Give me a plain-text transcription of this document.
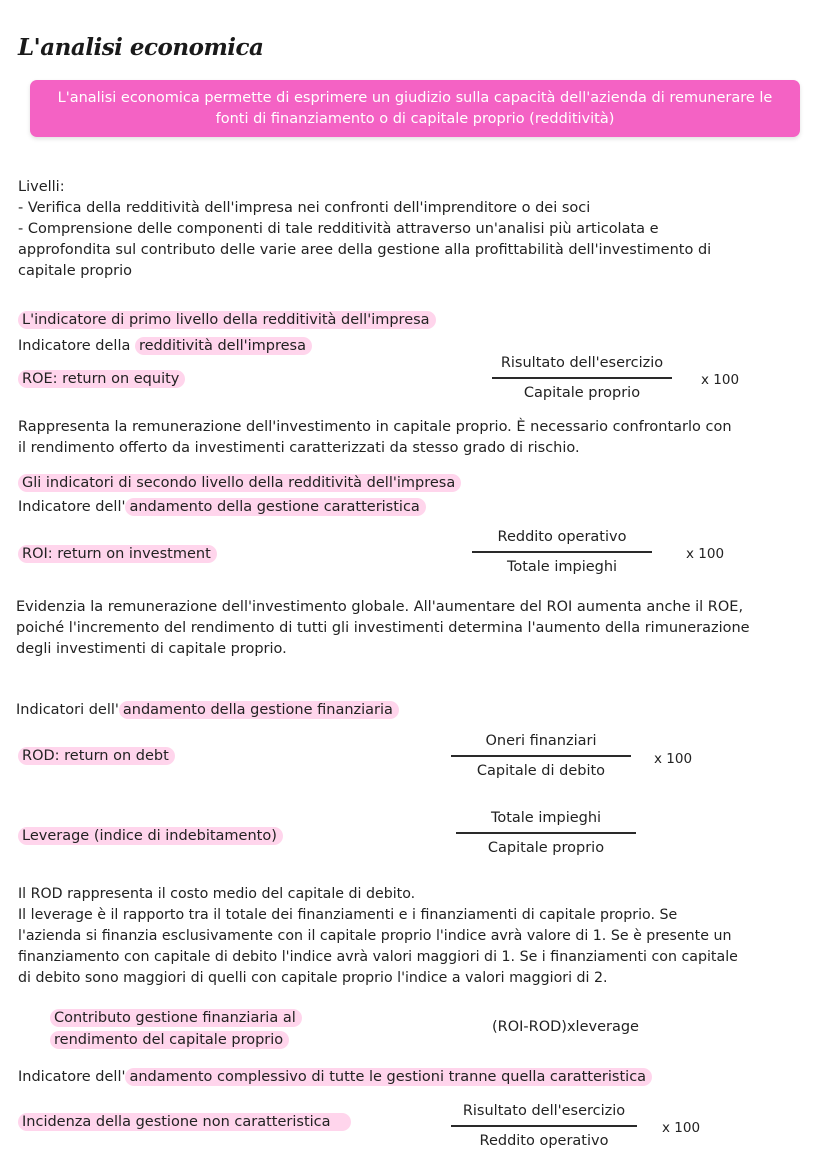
L'analisi economica
L'analisi economica permette di esprimere un giudizio sulla capacità dell'azienda di remunerare le fonti di finanziamento o di capitale proprio (redditività)
Livelli:
- Verifica della redditività dell'impresa nei confronti dell'imprenditore o dei soci
- Comprensione delle componenti di tale redditività attraverso un'analisi più articolata e
approfondita sul contributo delle varie aree della gestione alla profittabilità dell'investimento di
capitale proprio
L'indicatore di primo livello della redditività dell'impresa
Indicatore della redditività dell'impresa
ROE: return on equity
Risultato dell'esercizio
Capitale proprio
x 100
Rappresenta la remunerazione dell'investimento in capitale proprio. È necessario confrontarlo con
il rendimento offerto da investimenti caratterizzati da stesso grado di rischio.
Gli indicatori di secondo livello della redditività dell'impresa
Indicatore dell' andamento della gestione caratteristica
ROI: return on investment
Reddito operativo
Totale impieghi
x 100
Evidenzia la remunerazione dell'investimento globale. All'aumentare del ROI aumenta anche il ROE,
poiché l'incremento del rendimento di tutti gli investimenti determina l'aumento della rimunerazione
degli investimenti di capitale proprio.
Indicatori dell' andamento della gestione finanziaria
ROD: return on debt
Oneri finanziari
Capitale di debito
x 100
Leverage (indice di indebitamento)
Totale impieghi
Capitale proprio
Il ROD rappresenta il costo medio del capitale di debito.
Il leverage è il rapporto tra il totale dei finanziamenti e i finanziamenti di capitale proprio. Se
l'azienda si finanzia esclusivamente con il capitale proprio l'indice avrà valore di 1. Se è presente un
finanziamento con capitale di debito l'indice avrà valori maggiori di 1. Se i finanziamenti con capitale
di debito sono maggiori di quelli con capitale proprio l'indice a valori maggiori di 2.
Contributo gestione finanziaria al
rendimento del capitale proprio
(ROI-ROD)xleverage
Indicatore dell' andamento complessivo di tutte le gestioni tranne quella caratteristica
Incidenza della gestione non caratteristica
Risultato dell'esercizio
Reddito operativo
x 100
